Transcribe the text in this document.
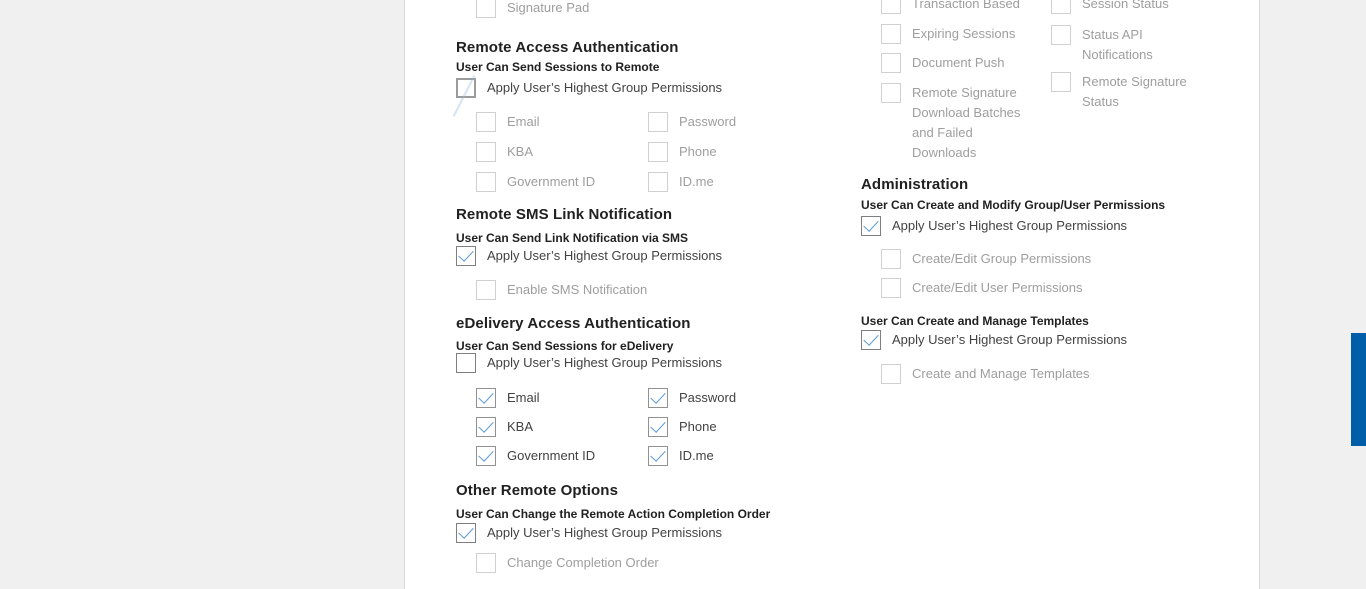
Signature Pad
Remote Access Authentication
User Can Send Sessions to Remote
Apply User’s Highest Group Permissions
Email	Password
KBA	Phone
Government ID	ID.me
Remote SMS Link Notification
User Can Send Link Notification via SMS
Apply User’s Highest Group Permissions
Enable SMS Notification
eDelivery Access Authentication
User Can Send Sessions for eDelivery
Apply User’s Highest Group Permissions
Email	Password
KBA	Phone
Government ID	ID.me
Other Remote Options
User Can Change the Remote Action Completion Order
Apply User’s Highest Group Permissions
Change Completion Order
Transaction Based
Expiring Sessions
Document Push
Remote Signature Download Batches and Failed Downloads
Session Status
Status API Notifications
Remote Signature Status
Administration
User Can Create and Modify Group/User Permissions
Apply User’s Highest Group Permissions
Create/Edit Group Permissions
Create/Edit User Permissions
User Can Create and Manage Templates
Apply User’s Highest Group Permissions
Create and Manage Templates
